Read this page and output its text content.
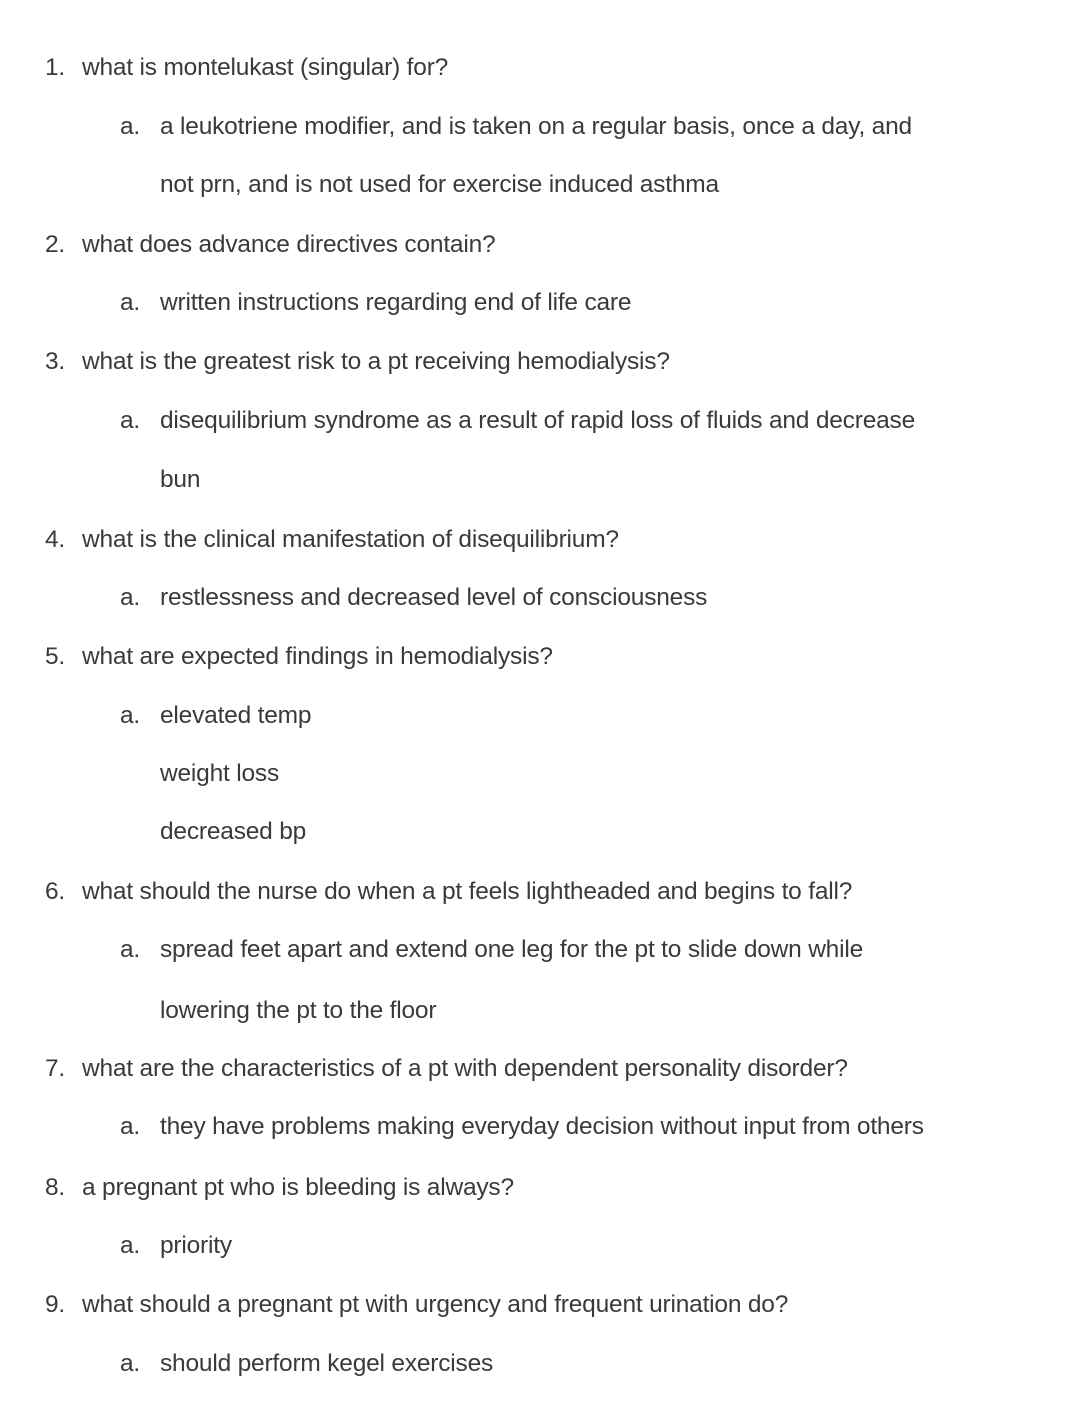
1. what is montelukast (singular) for?
a. a leukotriene modifier, and is taken on a regular basis, once a day, and
not prn, and is not used for exercise induced asthma
2. what does advance directives contain?
a. written instructions regarding end of life care
3. what is the greatest risk to a pt receiving hemodialysis?
a. disequilibrium syndrome as a result of rapid loss of fluids and decrease
bun
4. what is the clinical manifestation of disequilibrium?
a. restlessness and decreased level of consciousness
5. what are expected findings in hemodialysis?
a. elevated temp
weight loss
decreased bp
6. what should the nurse do when a pt feels lightheaded and begins to fall?
a. spread feet apart and extend one leg for the pt to slide down while
lowering the pt to the floor
7. what are the characteristics of a pt with dependent personality disorder?
a. they have problems making everyday decision without input from others
8. a pregnant pt who is bleeding is always?
a. priority
9. what should a pregnant pt with urgency and frequent urination do?
a. should perform kegel exercises
